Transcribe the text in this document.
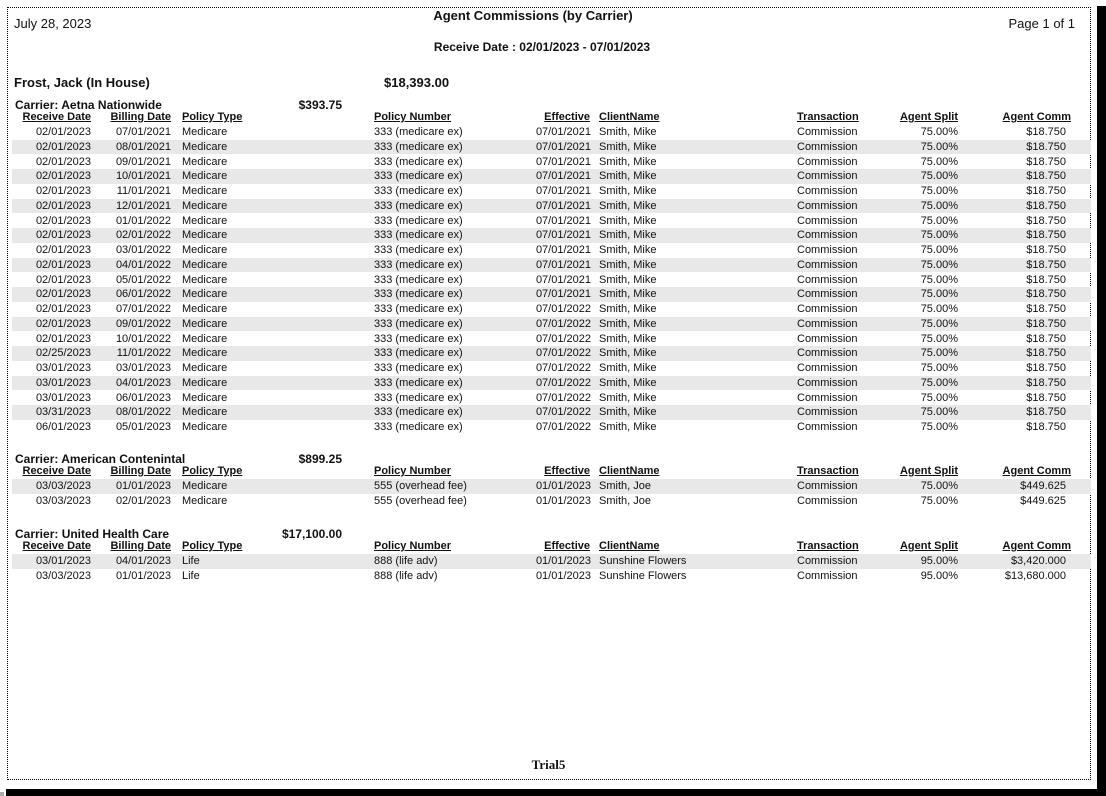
July 28, 2023
Agent Commissions (by Carrier)
Page 1 of 1
Receive Date : 02/01/2023 - 07/01/2023
Frost, Jack (In House)	$18,393.00
Carrier: Aetna Nationwide	$393.75
Receive Date	Billing Date Policy Type	Policy Number	Effective ClientName	Transaction	Agent Split	Agent Comm
02/01/2023	07/01/2021 Medicare	333 (medicare ex)	07/01/2021 Smith, Mike	Commission	75.00%	$18.750
02/01/2023	08/01/2021 Medicare	333 (medicare ex)	07/01/2021 Smith, Mike	Commission	75.00%	$18.750
02/01/2023	09/01/2021 Medicare	333 (medicare ex)	07/01/2021 Smith, Mike	Commission	75.00%	$18.750
02/01/2023	10/01/2021 Medicare	333 (medicare ex)	07/01/2021 Smith, Mike	Commission	75.00%	$18.750
02/01/2023	11/01/2021 Medicare	333 (medicare ex)	07/01/2021 Smith, Mike	Commission	75.00%	$18.750
02/01/2023	12/01/2021 Medicare	333 (medicare ex)	07/01/2021 Smith, Mike	Commission	75.00%	$18.750
02/01/2023	01/01/2022 Medicare	333 (medicare ex)	07/01/2021 Smith, Mike	Commission	75.00%	$18.750
02/01/2023	02/01/2022 Medicare	333 (medicare ex)	07/01/2021 Smith, Mike	Commission	75.00%	$18.750
02/01/2023	03/01/2022 Medicare	333 (medicare ex)	07/01/2021 Smith, Mike	Commission	75.00%	$18.750
02/01/2023	04/01/2022 Medicare	333 (medicare ex)	07/01/2021 Smith, Mike	Commission	75.00%	$18.750
02/01/2023	05/01/2022 Medicare	333 (medicare ex)	07/01/2021 Smith, Mike	Commission	75.00%	$18.750
02/01/2023	06/01/2022 Medicare	333 (medicare ex)	07/01/2021 Smith, Mike	Commission	75.00%	$18.750
02/01/2023	07/01/2022 Medicare	333 (medicare ex)	07/01/2022 Smith, Mike	Commission	75.00%	$18.750
02/01/2023	09/01/2022 Medicare	333 (medicare ex)	07/01/2022 Smith, Mike	Commission	75.00%	$18.750
02/01/2023	10/01/2022 Medicare	333 (medicare ex)	07/01/2022 Smith, Mike	Commission	75.00%	$18.750
02/25/2023	11/01/2022 Medicare	333 (medicare ex)	07/01/2022 Smith, Mike	Commission	75.00%	$18.750
03/01/2023	03/01/2023 Medicare	333 (medicare ex)	07/01/2022 Smith, Mike	Commission	75.00%	$18.750
03/01/2023	04/01/2023 Medicare	333 (medicare ex)	07/01/2022 Smith, Mike	Commission	75.00%	$18.750
03/01/2023	06/01/2023 Medicare	333 (medicare ex)	07/01/2022 Smith, Mike	Commission	75.00%	$18.750
03/31/2023	08/01/2022 Medicare	333 (medicare ex)	07/01/2022 Smith, Mike	Commission	75.00%	$18.750
06/01/2023	05/01/2023 Medicare	333 (medicare ex)	07/01/2022 Smith, Mike	Commission	75.00%	$18.750
Carrier: American Contenintal	$899.25
Receive Date	Billing Date Policy Type	Policy Number	Effective ClientName	Transaction	Agent Split	Agent Comm
03/03/2023	01/01/2023 Medicare	555 (overhead fee)	01/01/2023 Smith, Joe	Commission	75.00%	$449.625
03/03/2023	02/01/2023 Medicare	555 (overhead fee)	01/01/2023 Smith, Joe	Commission	75.00%	$449.625
Carrier: United Health Care	$17,100.00
Receive Date	Billing Date Policy Type	Policy Number	Effective ClientName	Transaction	Agent Split	Agent Comm
03/01/2023	04/01/2023 Life	888 (life adv)	01/01/2023 Sunshine Flowers	Commission	95.00%	$3,420.000
03/03/2023	01/01/2023 Life	888 (life adv)	01/01/2023 Sunshine Flowers	Commission	95.00%	$13,680.000
Trial5
